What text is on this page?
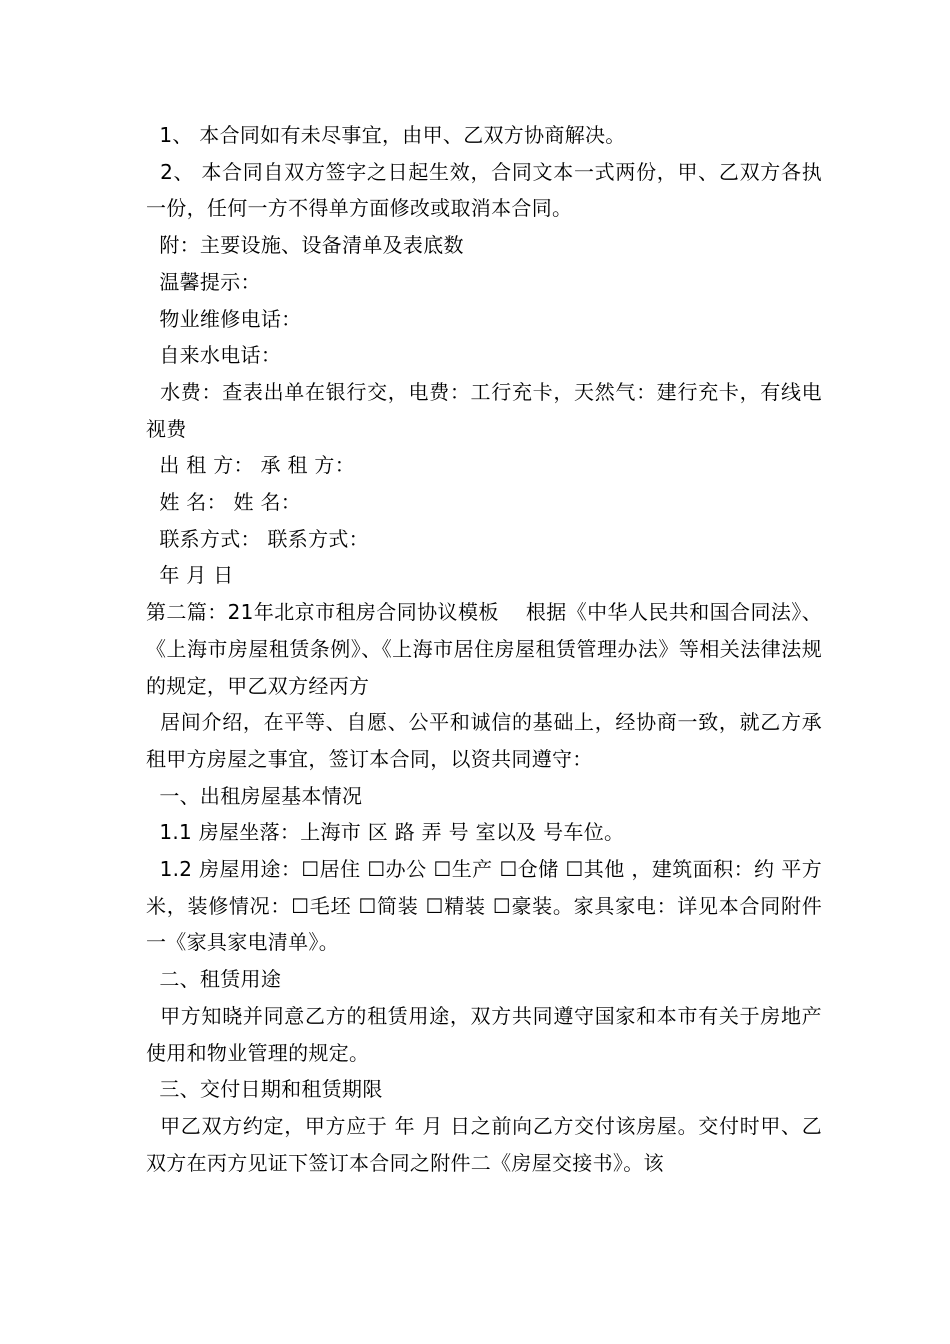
1、 本合同如有未尽事宜，由甲、乙双方协商解决。

2、 本合同自双方签字之日起生效，合同文本一式两份，甲、乙双方各执一份，任何一方不得单方面修改或取消本合同。

附：主要设施、设备清单及表底数

温馨提示：

物业维修电话：

自来水电话：

水费：查表出单在银行交，电费：工行充卡，天然气：建行充卡，有线电视费

出 租 方： 承 租 方：

姓 名： 姓 名：

联系方式： 联系方式：

年 月 日

第二篇：21年北京市租房合同协议模板    根据《中华人民共和国合同法》、《上海市房屋租赁条例》、《上海市居住房屋租赁管理办法》等相关法律法规的规定，甲乙双方经丙方

居间介绍，在平等、自愿、公平和诚信的基础上，经协商一致，就乙方承租甲方房屋之事宜，签订本合同，以资共同遵守：

一、出租房屋基本情况

1.1 房屋坐落：上海市 区 路 弄 号 室以及 号车位。

1.2 房屋用途：☐居住 ☐办公 ☐生产 ☐仓储 ☐其他 ，建筑面积：约 平方米，装修情况：☐毛坯 ☐简装 ☐精装 ☐豪装。家具家电：详见本合同附件一《家具家电清单》。

二、租赁用途

甲方知晓并同意乙方的租赁用途，双方共同遵守国家和本市有关于房地产使用和物业管理的规定。

三、交付日期和租赁期限

甲乙双方约定，甲方应于 年 月 日之前向乙方交付该房屋。交付时甲、乙双方在丙方见证下签订本合同之附件二《房屋交接书》。该
